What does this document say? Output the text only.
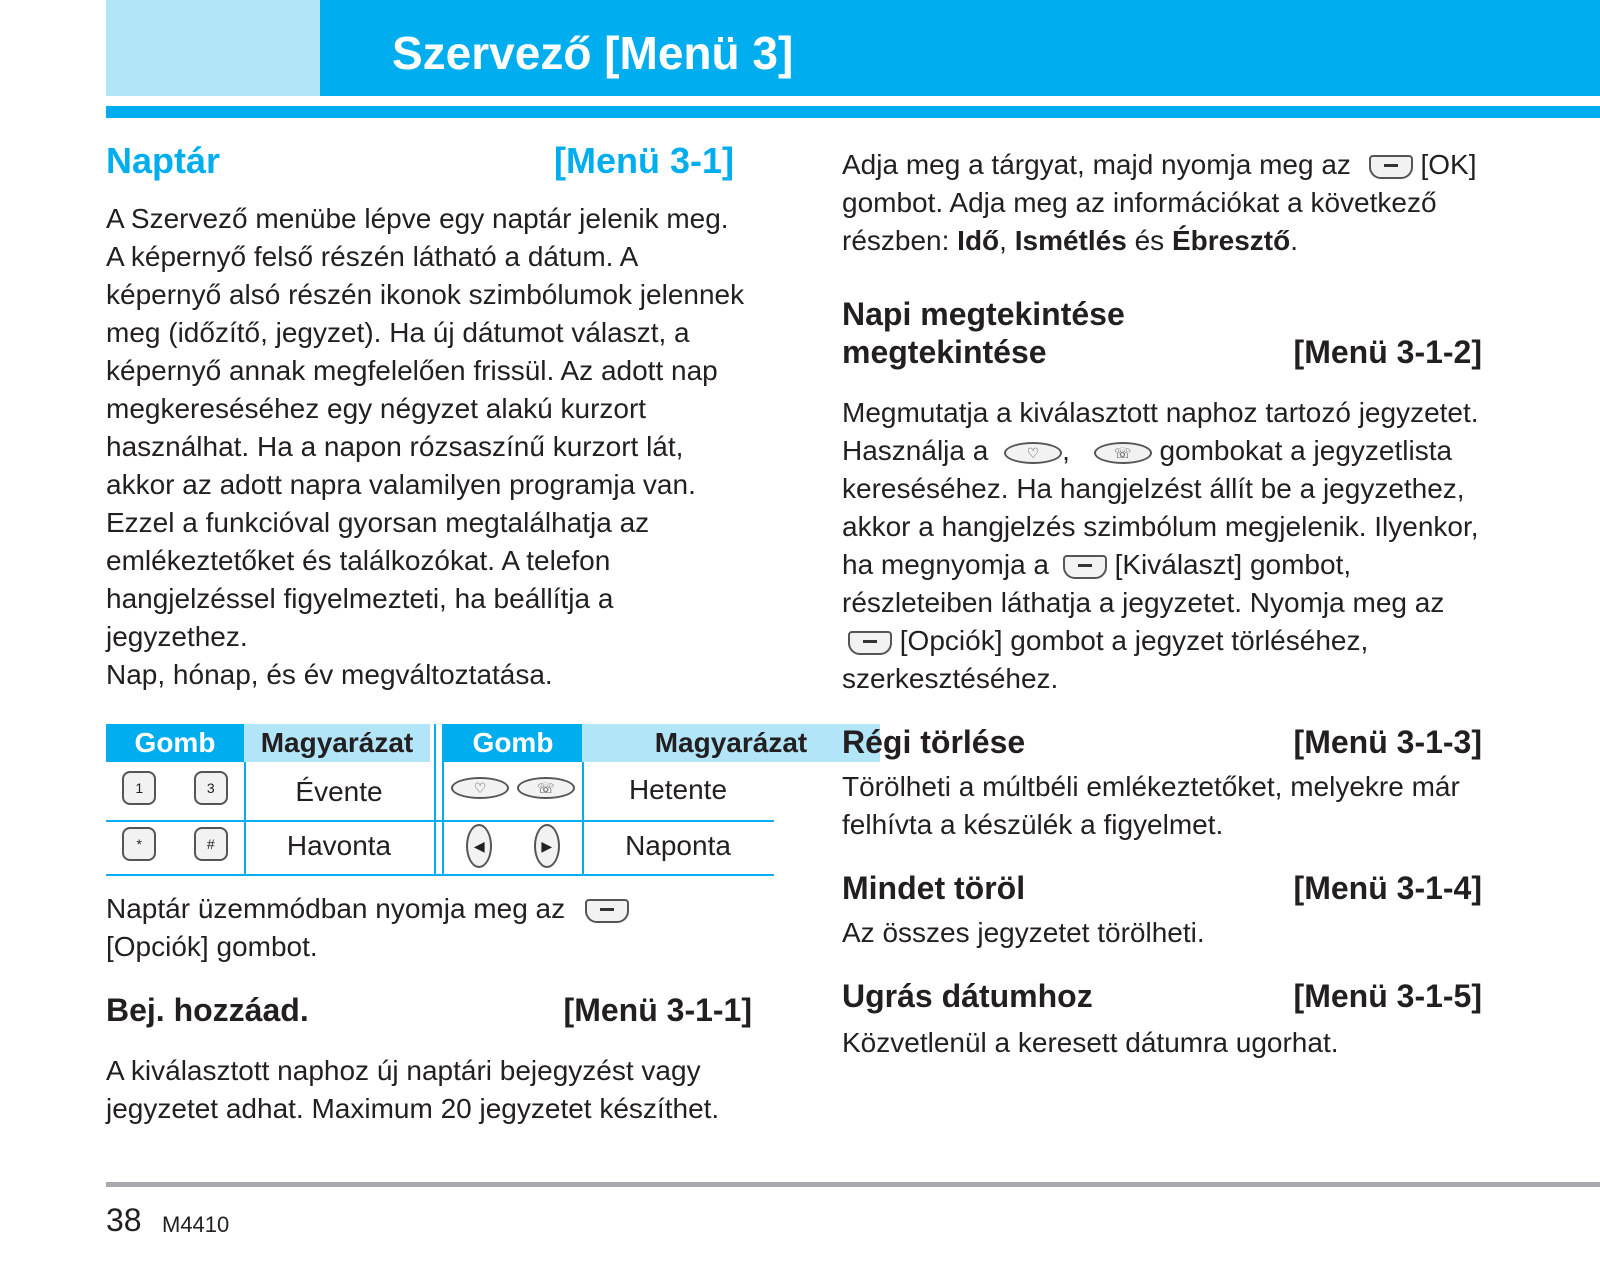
Szervező [Menü 3]
Naptár	[Menü 3-1]

A Szervező menübe lépve egy naptár jelenik meg. A képernyő felső részén látható a dátum. A képernyő alsó részén ikonok szimbólumok jelennek meg (időzítő, jegyzet). Ha új dátumot választ, a képernyő annak megfelelően frissül. Az adott nap megkereséséhez egy négyzet alakú kurzort használhat. Ha a napon rózsaszínű kurzort lát, akkor az adott napra valamilyen programja van. Ezzel a funkcióval gyorsan megtalálhatja az emlékeztetőket és találkozókat. A telefon hangjelzéssel figyelmezteti, ha beállítja a jegyzethez.

Nap, hónap, és év megváltoztatása.

Gomb	Magyarázat	Gomb	Magyarázat
1	3	Évente	♡	☏	Hetente
*	#	Havonta	◀	▶	Naponta

Naptár üzemmódban nyomja meg az
[Opciók] gombot.

Bej. hozzáad.	[Menü 3-1-1]

A kiválasztott naphoz új naptári bejegyzést vagy jegyzetet adhat. Maximum 20 jegyzetet készíthet.

Adja meg a tárgyat, majd nyomja meg az [OK] gombot. Adja meg az információkat a következő részben: Idő, Ismétlés és Ébresztő.

Napi megtekintése
megtekintése	[Menü 3-1-2]

Megmutatja a kiválasztott naphoz tartozó jegyzetet. Használja a	♡ ,	☏ gombokat a jegyzetlista kereséséhez. Ha hangjelzést állít be a jegyzethez, akkor a hangjelzés szimbólum megjelenik. Ilyenkor, ha megnyomja a [Kiválaszt] gombot, részleteiben láthatja a jegyzetet. Nyomja meg az  [Opciók] gombot a jegyzet törléséhez, szerkesztéséhez.

Régi törlése	[Menü 3-1-3]

Törölheti a múltbéli emlékeztetőket, melyekre már felhívta a készülék a figyelmet.

Mindet töröl	[Menü 3-1-4]

Az összes jegyzetet törölheti.

Ugrás dátumhoz	[Menü 3-1-5]

Közvetlenül a keresett dátumra ugorhat.

38 M4410
